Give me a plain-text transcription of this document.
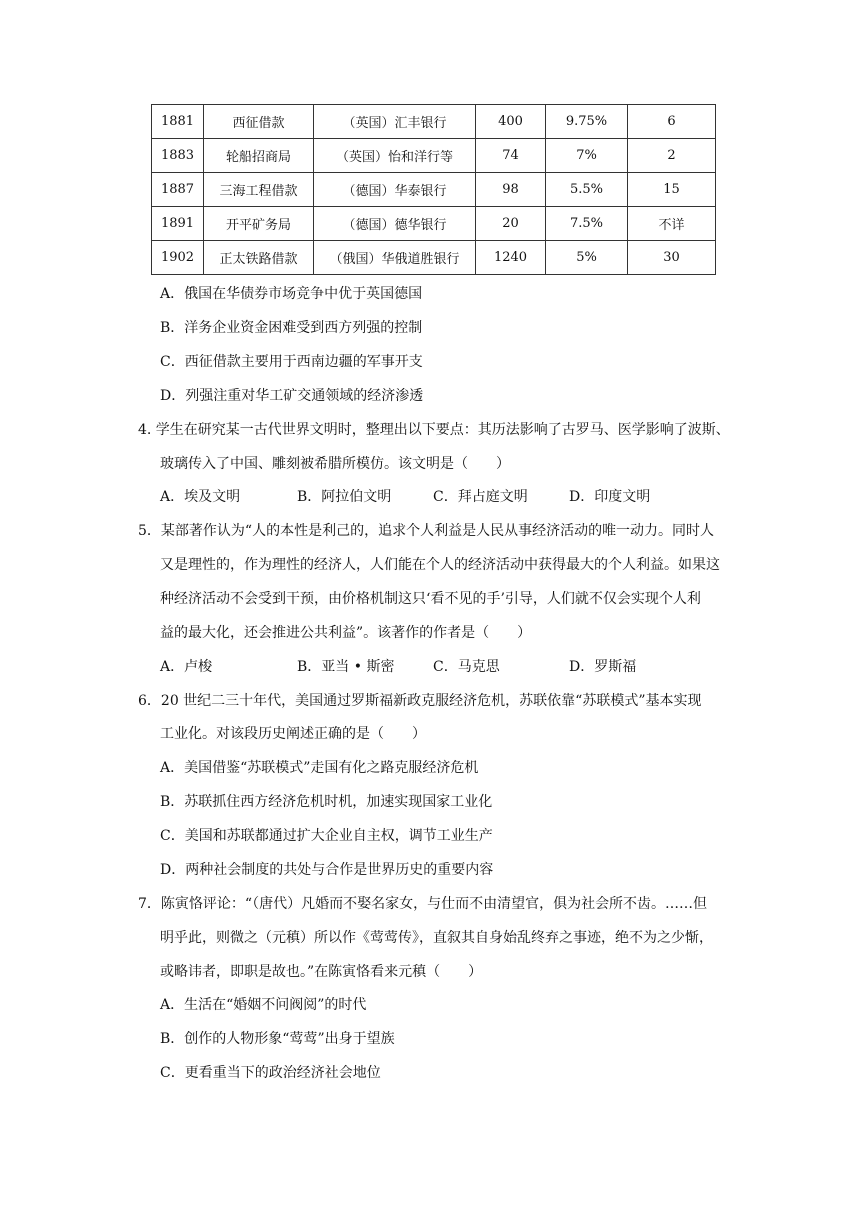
1881	西征借款	（英国）汇丰银行	400	9.75%	6
1883	轮船招商局	（英国）怡和洋行等	74	7%	2
1887	三海工程借款	（德国）华泰银行	98	5.5%	15
1891	开平矿务局	（德国）德华银行	20	7.5%	不详
1902	正太铁路借款	（俄国）华俄道胜银行	1240	5%	30
A．俄国在华债券市场竞争中优于英国德国
B．洋务企业资金困难受到西方列强的控制
C．西征借款主要用于西南边疆的军事开支
D．列强注重对华工矿交通领域的经济渗透
4. 学生在研究某一古代世界文明时，整理出以下要点：其历法影响了古罗马、医学影响了波斯、
玻璃传入了中国、雕刻被希腊所模仿。该文明是（　　）
A．埃及文明	B．阿拉伯文明	C．拜占庭文明	D．印度文明
5．某部著作认为“人的本性是利己的，追求个人利益是人民从事经济活动的唯一动力。同时人
又是理性的，作为理性的经济人，人们能在个人的经济活动中获得最大的个人利益。如果这
种经济活动不会受到干预，由价格机制这只‘看不见的手’引导，人们就不仅会实现个人利
益的最大化，还会推进公共利益”。该著作的作者是（　　）
A．卢梭	B．亚当 • 斯密	C．马克思	D．罗斯福
6．20 世纪二三十年代，美国通过罗斯福新政克服经济危机，苏联依靠“苏联模式”基本实现
工业化。对该段历史阐述正确的是（　　）
A．美国借鉴“苏联模式”走国有化之路克服经济危机
B．苏联抓住西方经济危机时机，加速实现国家工业化
C．美国和苏联都通过扩大企业自主权，调节工业生产
D．两种社会制度的共处与合作是世界历史的重要内容
7．陈寅恪评论：“（唐代）凡婚而不娶名家女，与仕而不由清望官，俱为社会所不齿。……但
明乎此，则微之（元稹）所以作《莺莺传》，直叙其自身始乱终弃之事迹，绝不为之少惭，
或略讳者，即职是故也。”在陈寅恪看来元稹（　　）
A．生活在“婚姻不问阀阅”的时代
B．创作的人物形象“莺莺”出身于望族
C．更看重当下的政治经济社会地位
